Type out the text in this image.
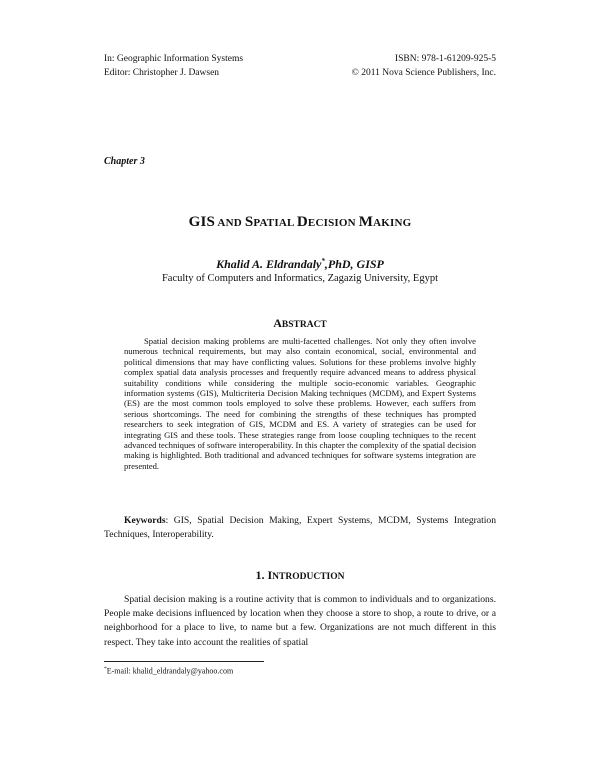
In: Geographic Information Systems
Editor: Christopher J. Dawsen
ISBN: 978-1-61209-925-5
© 2011 Nova Science Publishers, Inc.
Chapter 3
GIS AND SPATIAL DECISION MAKING
Khalid A. Eldrandaly*,PhD, GISP
Faculty of Computers and Informatics, Zagazig University, Egypt
ABSTRACT

Spatial decision making problems are multi-facetted challenges. Not only they often involve numerous technical requirements, but may also contain economical, social, environmental and political dimensions that may have conflicting values. Solutions for these problems involve highly complex spatial data analysis processes and frequently require advanced means to address physical suitability conditions while considering the multiple socio-economic variables. Geographic information systems (GIS), Multicriteria Decision Making techniques (MCDM), and Expert Systems (ES) are the most common tools employed to solve these problems. However, each suffers from serious shortcomings. The need for combining the strengths of these techniques has prompted researchers to seek integration of GIS, MCDM and ES. A variety of strategies can be used for integrating GIS and these tools. These strategies range from loose coupling techniques to the recent advanced techniques of software interoperability. In this chapter the complexity of the spatial decision making is highlighted. Both traditional and advanced techniques for software systems integration are presented.

Keywords: GIS, Spatial Decision Making, Expert Systems, MCDM, Systems Integration Techniques, Interoperability.

1. INTRODUCTION

Spatial decision making is a routine activity that is common to individuals and to organizations. People make decisions influenced by location when they choose a store to shop, a route to drive, or a neighborhood for a place to live, to name but a few. Organizations are not much different in this respect. They take into account the realities of spatial

*E-mail: khalid_eldrandaly@yahoo.com
